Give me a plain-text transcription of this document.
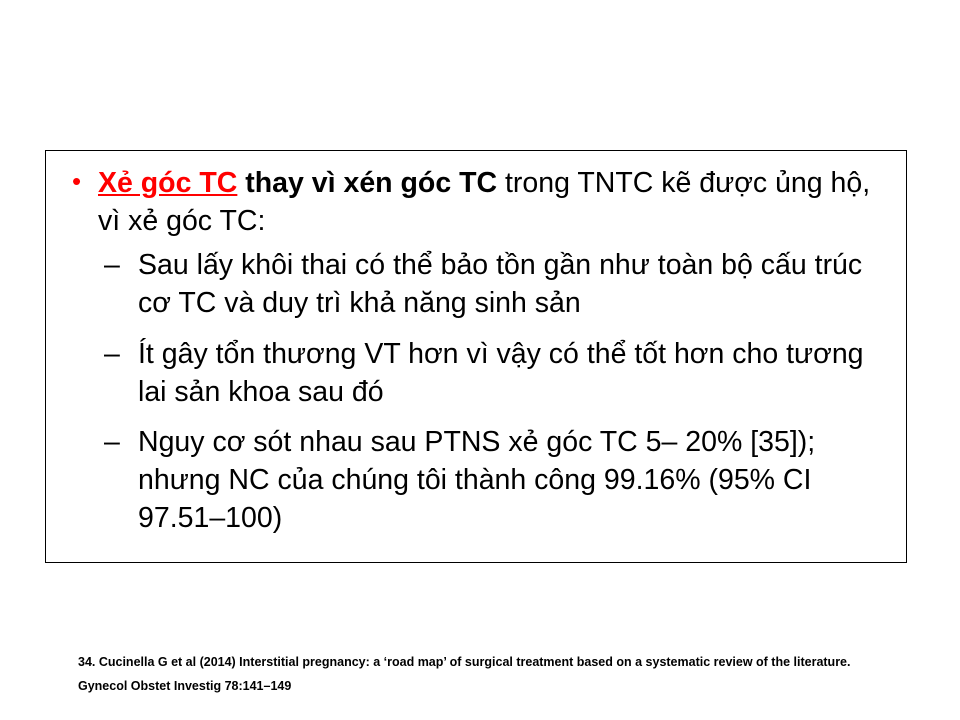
• Xẻ góc TC thay vì xén góc TC trong TNTC kẽ được ủng hộ, vì xẻ góc TC:
– Sau lấy khôi thai có thể bảo tồn gần như toàn bộ cấu trúc cơ TC và duy trì khả năng sinh sản
– Ít gây tổn thương VT hơn vì vậy có thể tốt hơn cho tương lai sản khoa sau đó
– Nguy cơ sót nhau sau PTNS xẻ góc TC 5– 20% [35]); nhưng NC của chúng tôi thành công 99.16% (95% CI 97.51–100)
34. Cucinella G et al (2014) Interstitial pregnancy: a ‘road map’ of surgical treatment based on a systematic review of the literature. Gynecol Obstet Investig 78:141–149
